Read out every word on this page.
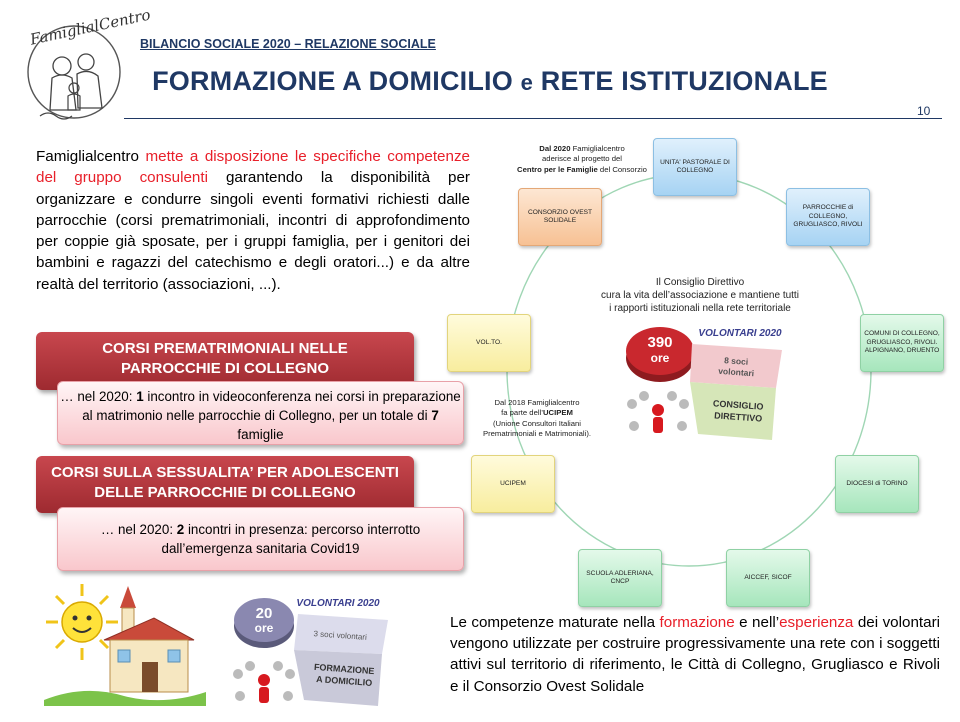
FamiglialCentro
BILANCIO SOCIALE 2020 – RELAZIONE SOCIALE
FORMAZIONE A DOMICILIO e RETE ISTITUZIONALE
10
Famiglialcentro mette a disposizione le specifiche competenze del gruppo consulenti garantendo la disponibilità per organizzare e condurre singoli eventi formativi richiesti dalle parrocchie (corsi prematrimoniali, incontri di approfondimento per coppie già sposate, per i gruppi famiglia, per i genitori dei bambini e ragazzi del catechismo e degli oratori...) e da altre realtà del territorio (associazioni, ...).
CORSI PREMATRIMONIALI NELLE
PARROCCHIE DI COLLEGNO
… nel 2020: 1 incontro in videoconferenza nei corsi in preparazione al matrimonio nelle parrocchie di Collegno, per un totale di 7 famiglie
CORSI SULLA SESSUALITA’ PER ADOLESCENTI
DELLE PARROCCHIE DI COLLEGNO
… nel 2020: 2 incontri in presenza: percorso interrotto dall’emergenza sanitaria Covid19
20
ore
VOLONTARI 2020
3 soci volontari
FORMAZIONE
A DOMICILIO
UNITA' PASTORALE DI COLLEGNO
PARROCCHIE di COLLEGNO, GRUGLIASCO, RIVOLI
COMUNI DI COLLEGNO, GRUGLIASCO, RIVOLI. ALPIGNANO, DRUENTO
DIOCESI di TORINO
AICCEF, SICOF
SCUOLA ADLERIANA, CNCP
UCIPEM
VOL.TO.
CONSORZIO OVEST SOLIDALE
Dal 2020 Famiglialcentro
aderisce al progetto del
Centro per le Famiglie del Consorzio
Il Consiglio Direttivo
cura la vita dell’associazione e mantiene tutti
i rapporti istituzionali nella rete territoriale
Dal 2018 Famiglialcentro
fa parte dell’UCIPEM
(Unione Consultori Italiani
Prematrimoniali e Matrimoniali).
390
ore
VOLONTARI 2020
8 soci
volontari
CONSIGLIO
DIRETTIVO
Le competenze maturate nella formazione e nell’esperienza dei volontari vengono utilizzate per costruire progressivamente una rete con i soggetti attivi sul territorio di riferimento, le Città di Collegno, Grugliasco e Rivoli e il Consorzio Ovest Solidale
